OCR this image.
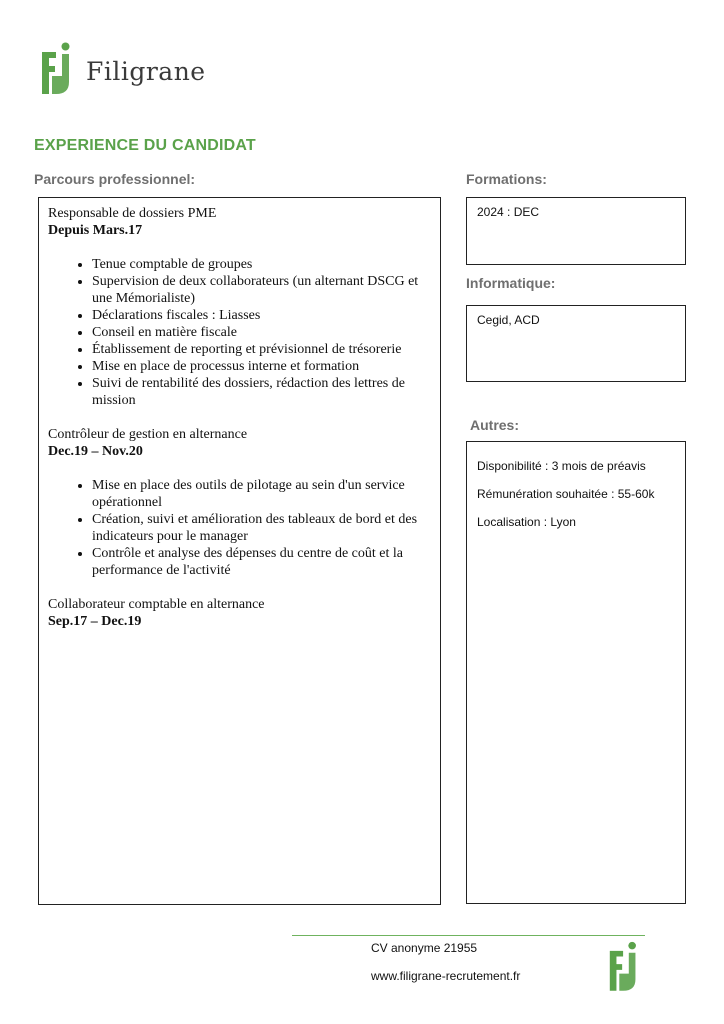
Filigrane
EXPERIENCE DU CANDIDAT
Parcours professionnel:	Formations:
Informatique:
Autres:
Responsable de dossiers PME
Depuis Mars.17
• Tenue comptable de groupes
• Supervision de deux collaborateurs (un alternant DSCG et une Mémorialiste)
• Déclarations fiscales : Liasses
• Conseil en matière fiscale
• Établissement de reporting et prévisionnel de trésorerie
• Mise en place de processus interne et formation
• Suivi de rentabilité des dossiers, rédaction des lettres de mission
Contrôleur de gestion en alternance
Dec.19 – Nov.20
• Mise en place des outils de pilotage au sein d'un service opérationnel
• Création, suivi et amélioration des tableaux de bord et des indicateurs pour le manager
• Contrôle et analyse des dépenses du centre de coût et la performance de l'activité
Collaborateur comptable en alternance
Sep.17 – Dec.19
2024 : DEC
Cegid, ACD
Disponibilité : 3 mois de préavis
Rémunération souhaitée : 55-60k
Localisation : Lyon
CV anonyme 21955
www.filigrane-recrutement.fr
